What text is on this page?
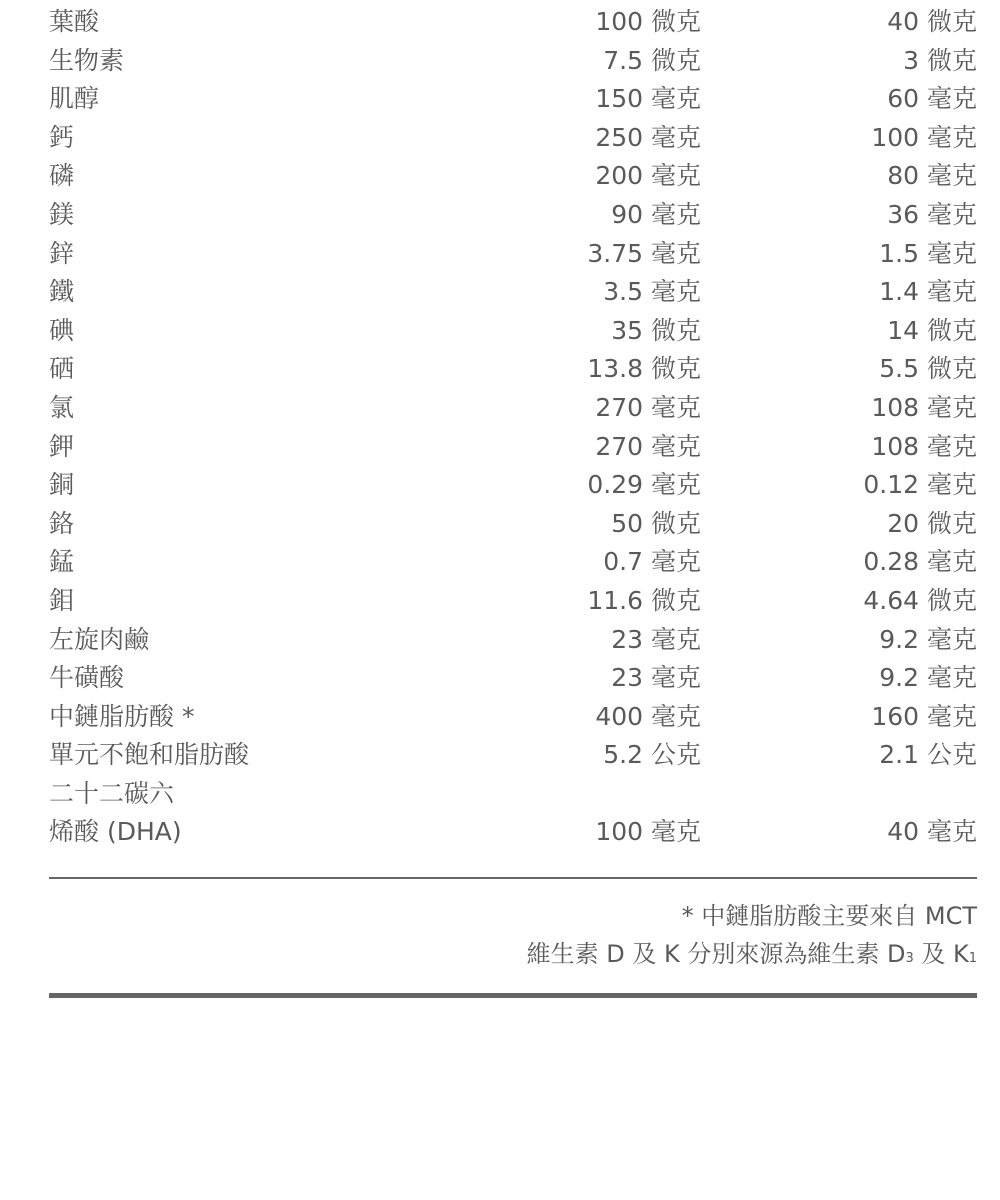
葉酸	100 微克	40 微克
生物素	7.5 微克	3 微克
肌醇	150 毫克	60 毫克
鈣	250 毫克	100 毫克
磷	200 毫克	80 毫克
鎂	90 毫克	36 毫克
鋅	3.75 毫克	1.5 毫克
鐵	3.5 毫克	1.4 毫克
碘	35 微克	14 微克
硒	13.8 微克	5.5 微克
氯	270 毫克	108 毫克
鉀	270 毫克	108 毫克
銅	0.29 毫克	0.12 毫克
鉻	50 微克	20 微克
錳	0.7 毫克	0.28 毫克
鉬	11.6 微克	4.64 微克
左旋肉鹼	23 毫克	9.2 毫克
牛磺酸	23 毫克	9.2 毫克
中鏈脂肪酸 *	400 毫克	160 毫克
單元不飽和脂肪酸	5.2 公克	2.1 公克
二十二碳六
烯酸 (DHA)	100 毫克	40 毫克
* 中鏈脂肪酸主要來自 MCT
維生素 D 及 K 分別來源為維生素 D3 及 K1
